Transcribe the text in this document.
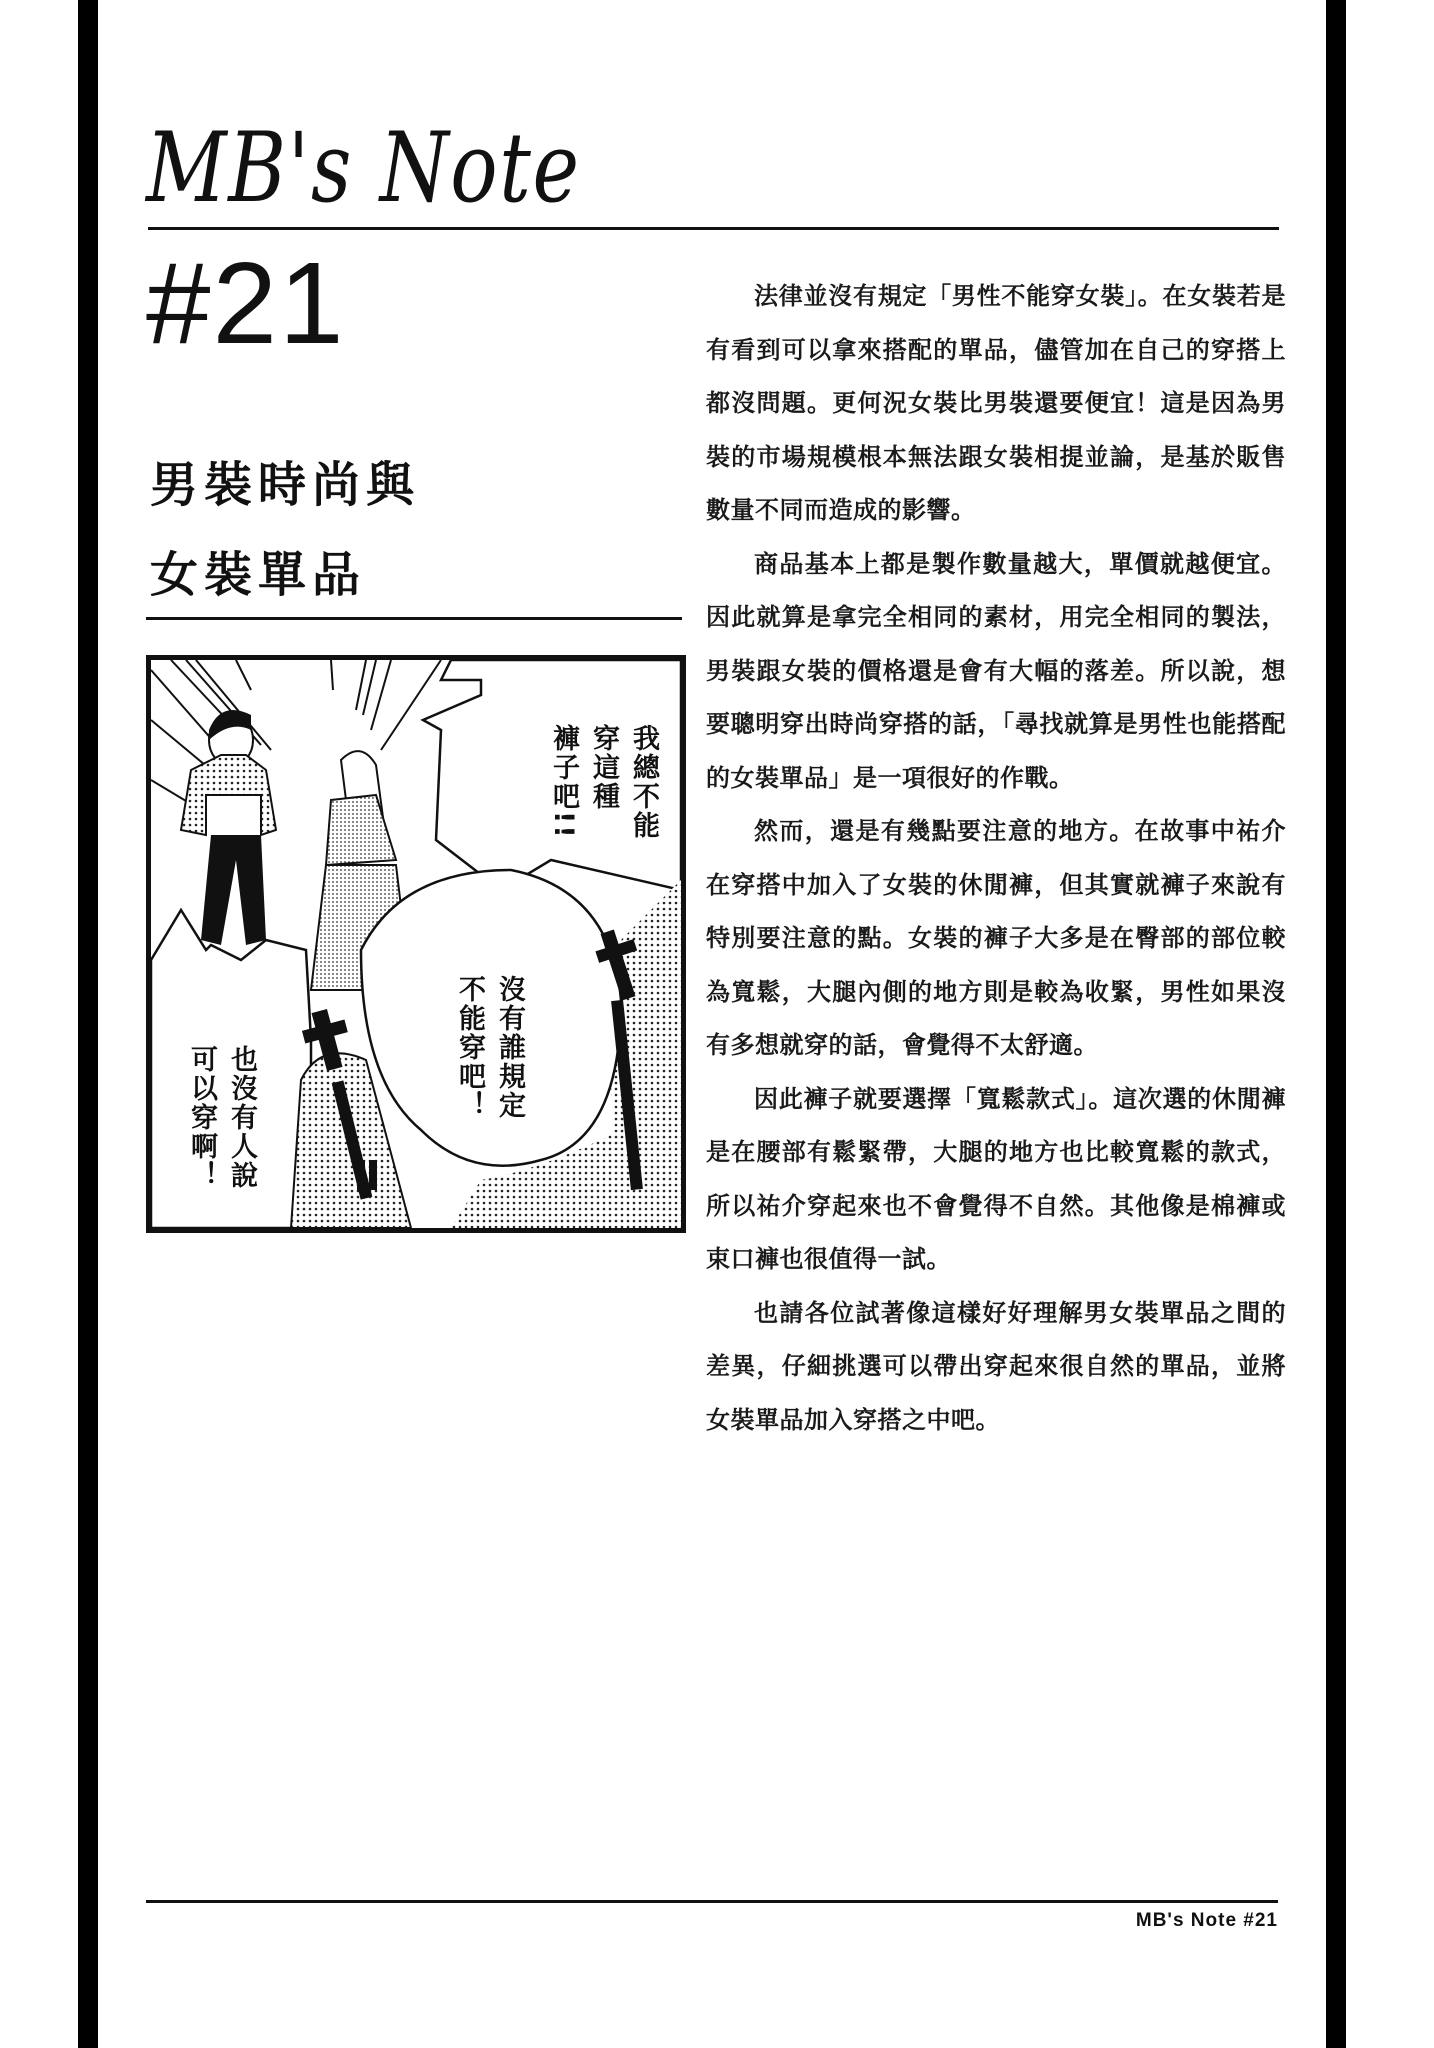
MB's Note
#21
男裝時尚與
女裝單品
我總不能
穿這種
褲子吧!!
沒有誰規定
不能穿吧！
也沒有人說
可以穿啊！

法律並沒有規定「男性不能穿女裝」。在女裝若是有看到可以拿來搭配的單品，儘管加在自己的穿搭上都沒問題。更何況女裝比男裝還要便宜！這是因為男裝的市場規模根本無法跟女裝相提並論，是基於販售數量不同而造成的影響。

商品基本上都是製作數量越大，單價就越便宜。因此就算是拿完全相同的素材，用完全相同的製法，男裝跟女裝的價格還是會有大幅的落差。所以說，想要聰明穿出時尚穿搭的話，「尋找就算是男性也能搭配的女裝單品」是一項很好的作戰。

然而，還是有幾點要注意的地方。在故事中祐介在穿搭中加入了女裝的休閒褲，但其實就褲子來說有特別要注意的點。女裝的褲子大多是在臀部的部位較為寬鬆，大腿內側的地方則是較為收緊，男性如果沒有多想就穿的話，會覺得不太舒適。

因此褲子就要選擇「寬鬆款式」。這次選的休閒褲是在腰部有鬆緊帶，大腿的地方也比較寬鬆的款式，所以祐介穿起來也不會覺得不自然。其他像是棉褲或束口褲也很值得一試。

也請各位試著像這樣好好理解男女裝單品之間的差異，仔細挑選可以帶出穿起來很自然的單品，並將女裝單品加入穿搭之中吧。

MB's Note #21
